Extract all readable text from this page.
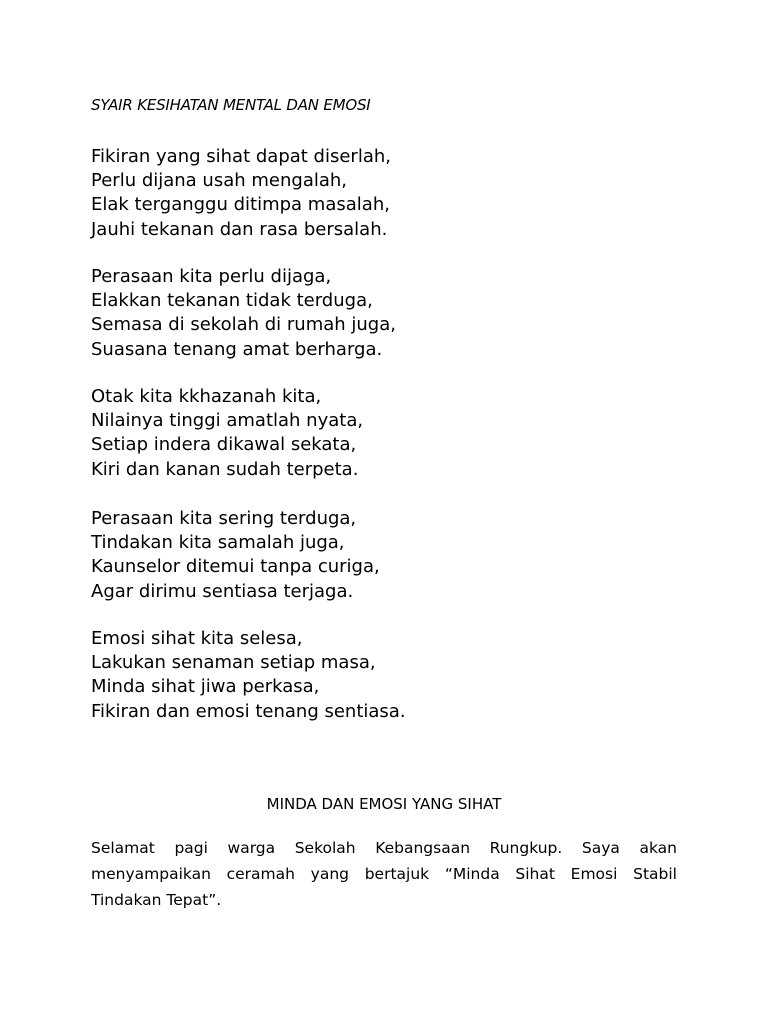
SYAIR KESIHATAN MENTAL DAN EMOSI
Fikiran yang sihat dapat diserlah,
Perlu dijana usah mengalah,
Elak terganggu ditimpa masalah,
Jauhi tekanan dan rasa bersalah.
Perasaan kita perlu dijaga,
Elakkan tekanan tidak terduga,
Semasa di sekolah di rumah juga,
Suasana tenang amat berharga.
Otak kita kkhazanah kita,
Nilainya tinggi amatlah nyata,
Setiap indera dikawal sekata,
Kiri dan kanan sudah terpeta.
Perasaan kita sering terduga,
Tindakan kita samalah juga,
Kaunselor ditemui tanpa curiga,
Agar dirimu sentiasa terjaga.
Emosi sihat kita selesa,
Lakukan senaman setiap masa,
Minda sihat jiwa perkasa,
Fikiran dan emosi tenang sentiasa.
MINDA DAN EMOSI YANG SIHAT

Selamat pagi warga Sekolah Kebangsaan Rungkup. Saya akan
menyampaikan ceramah yang bertajuk “Minda Sihat Emosi Stabil
Tindakan Tepat”.
